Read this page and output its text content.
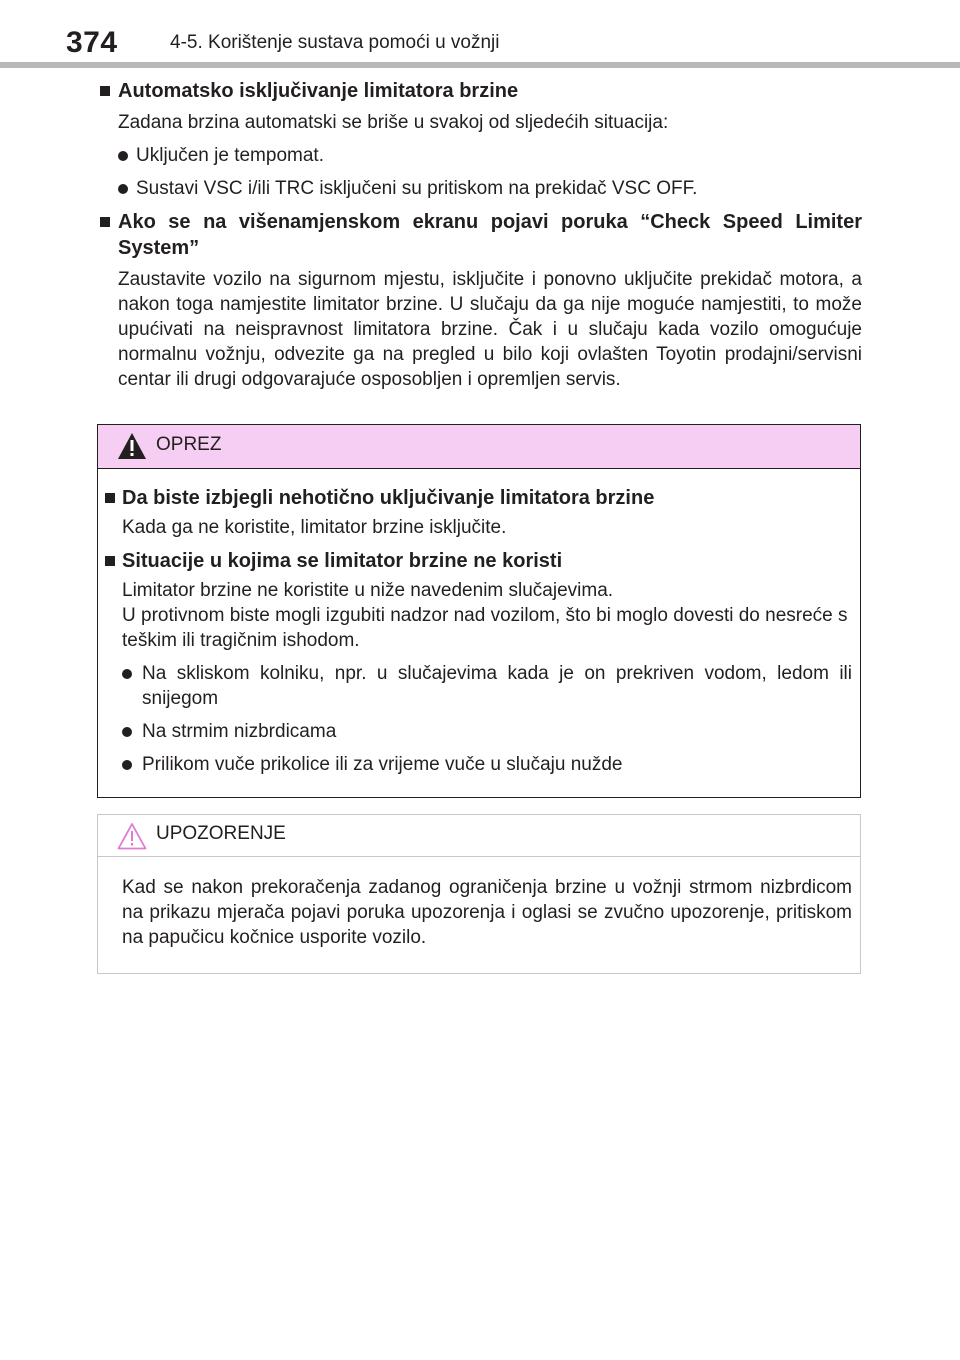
374	4-5. Korištenje sustava pomoći u vožnji
Automatsko isključivanje limitatora brzine
Zadana brzina automatski se briše u svakoj od sljedećih situacija:
Uključen je tempomat.
Sustavi VSC i/ili TRC isključeni su pritiskom na prekidač VSC OFF.
Ako se na višenamjenskom ekranu pojavi poruka “Check Speed Limiter
System”
Zaustavite vozilo na sigurnom mjestu, isključite i ponovno uključite prekidač motora, a nakon toga namjestite limitator brzine. U slučaju da ga nije moguće namjestiti, to može upućivati na neispravnost limitatora brzine. Čak i u slučaju kada vozilo omogućuje normalnu vožnju, odvezite ga na pregled u bilo koji ovlašten Toyotin prodajni/servisni centar ili drugi odgovarajuće osposobljen i opremljen servis.
OPREZ
Da biste izbjegli nehotično uključivanje limitatora brzine
Kada ga ne koristite, limitator brzine isključite.
Situacije u kojima se limitator brzine ne koristi
Limitator brzine ne koristite u niže navedenim slučajevima.
U protivnom biste mogli izgubiti nadzor nad vozilom, što bi moglo dovesti do nesreće s teškim ili tragičnim ishodom.
Na skliskom kolniku, npr. u slučajevima kada je on prekriven vodom, ledom ili snijegom
Na strmim nizbrdicama
Prilikom vuče prikolice ili za vrijeme vuče u slučaju nužde
UPOZORENJE
Kad se nakon prekoračenja zadanog ograničenja brzine u vožnji strmom nizbrdicom na prikazu mjerača pojavi poruka upozorenja i oglasi se zvučno upozorenje, pritiskom na papučicu kočnice usporite vozilo.
